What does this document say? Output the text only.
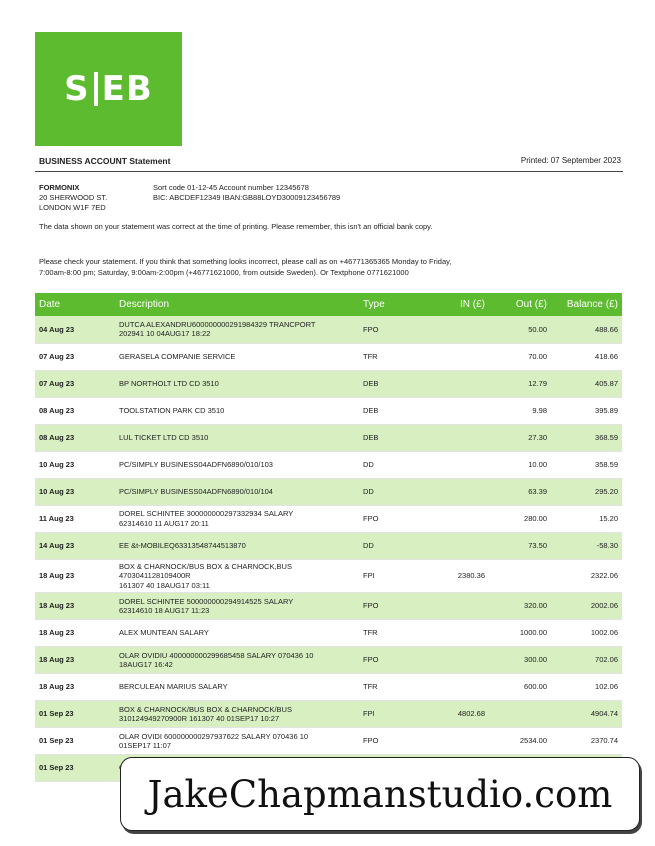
S EB
BUSINESS ACCOUNT Statement	Printed: 07 September 2023
FORMONIX
20 SHERWOOD ST.
LONDON W1F 7ED
Sort code 01-12-45 Account number 12345678
BIC: ABCDEF12349 IBAN:GB88LOYD30009123456789
The data shown on your statement was correct at the time of printing. Please remember, this isn't an official bank copy.
Please check your statement. If you think that something looks incorrect, please call as on +46771365365 Monday to Friday, 7:00am-8:00 pm; Saturday, 9:00am-2:00pm (+46771621000, from outside Sweden). Or Textphone 0771621000
Date	Description	Type	IN (£)	Out (£)	Balance (£)
04 Aug 23	DUTCA ALEXANDRU600000000291984329 TRANCPORT
202941 10 04AUG17 18:22	FPO		50.00	488.66
07 Aug 23	GERASELA COMPANIE SERVICE	TFR		70.00	418.66
07 Aug 23	BP NORTHOLT LTD CD 3510	DEB		12.79	405.87
08 Aug 23	TOOLSTATION PARK CD 3510	DEB		9.98	395.89
08 Aug 23	LUL TICKET LTD CD 3510	DEB		27.30	368.59
10 Aug 23	PC/SIMPLY BUSINESS04ADFN6890/010/103	DD		10.00	358.59
10 Aug 23	PC/SIMPLY BUSINESS04ADFN6890/010/104	DD		63.39	295.20
11 Aug 23	DOREL SCHINTEE 300000000297332934 SALARY
62314610 11 AUG17 20:11	FPO		280.00	15.20
14 Aug 23	EE &t-MOBILEQ63313548744513870	DD		73.50	-58.30
18 Aug 23	BOX & CHARNOCK/BUS BOX & CHARNOCK,BUS 4703041128109400R
161307 40 18AUG17 03:11	FPI	2380.36		2322.06
18 Aug 23	DOREL SCHINTEE 500000000294914525 SALARY
62314610 18 AUG17 11:23	FPO		320.00	2002.06
18 Aug 23	ALEX MUNTEAN SALARY	TFR		1000.00	1002.06
18 Aug 23	OLAR OVIDIU 400000000299685458 SALARY 070436 10
18AUG17 16:42	FPO		300.00	702.06
18 Aug 23	BERCULEAN MARIUS SALARY	TFR		600.00	102.06
01 Sep 23	BOX & CHARNOCK/BUS BOX & CHARNOCK/BUS
310124949270900R 161307 40 01SEP17 10:27	FPI	4802.68		4904.74
01 Sep 23	OLAR OVIDI 600000000297937622 SALARY 070436 10
01SEP17 11:07	FPO		2534.00	2370.74
01 Sep 23					
JakeChapmanstudio.com
